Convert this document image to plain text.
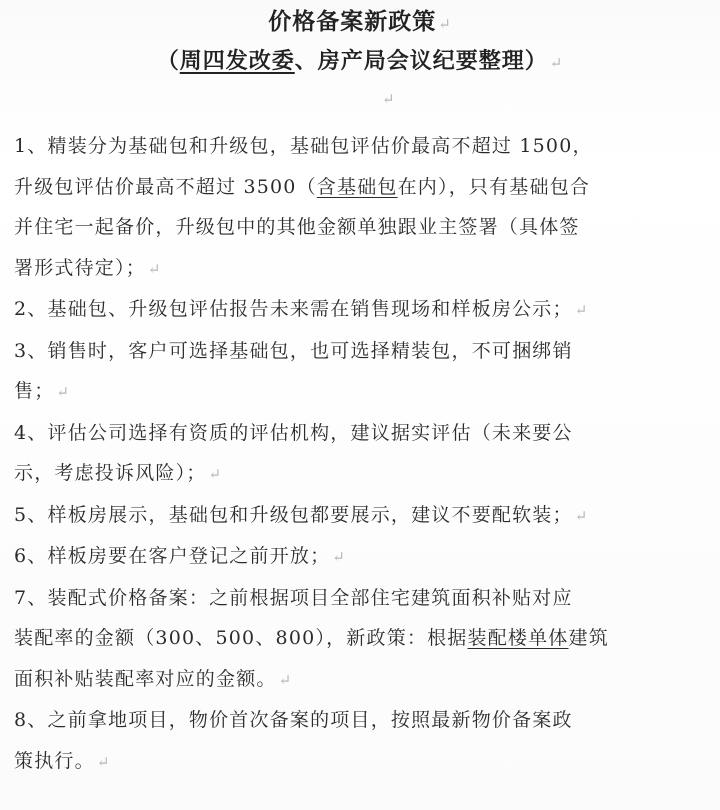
价格备案新政策 ↵
（周四发改委、房产局会议纪要整理） ↵
↵

1、精装分为基础包和升级包，基础包评估价最高不超过 1500，

升级包评估价最高不超过 3500（含基础包在内），只有基础包合

并住宅一起备价，升级包中的其他金额单独跟业主签署（具体签

署形式待定）； ↵

2、基础包、升级包评估报告未来需在销售现场和样板房公示； ↵

3、销售时，客户可选择基础包，也可选择精装包，不可捆绑销

售； ↵

4、评估公司选择有资质的评估机构，建议据实评估（未来要公

示，考虑投诉风险）； ↵

5、样板房展示，基础包和升级包都要展示，建议不要配软装； ↵

6、样板房要在客户登记之前开放； ↵

7、装配式价格备案：之前根据项目全部住宅建筑面积补贴对应

装配率的金额（300、500、800），新政策：根据装配楼单体建筑

面积补贴装配率对应的金额。 ↵

8、之前拿地项目，物价首次备案的项目，按照最新物价备案政

策执行。 ↵
